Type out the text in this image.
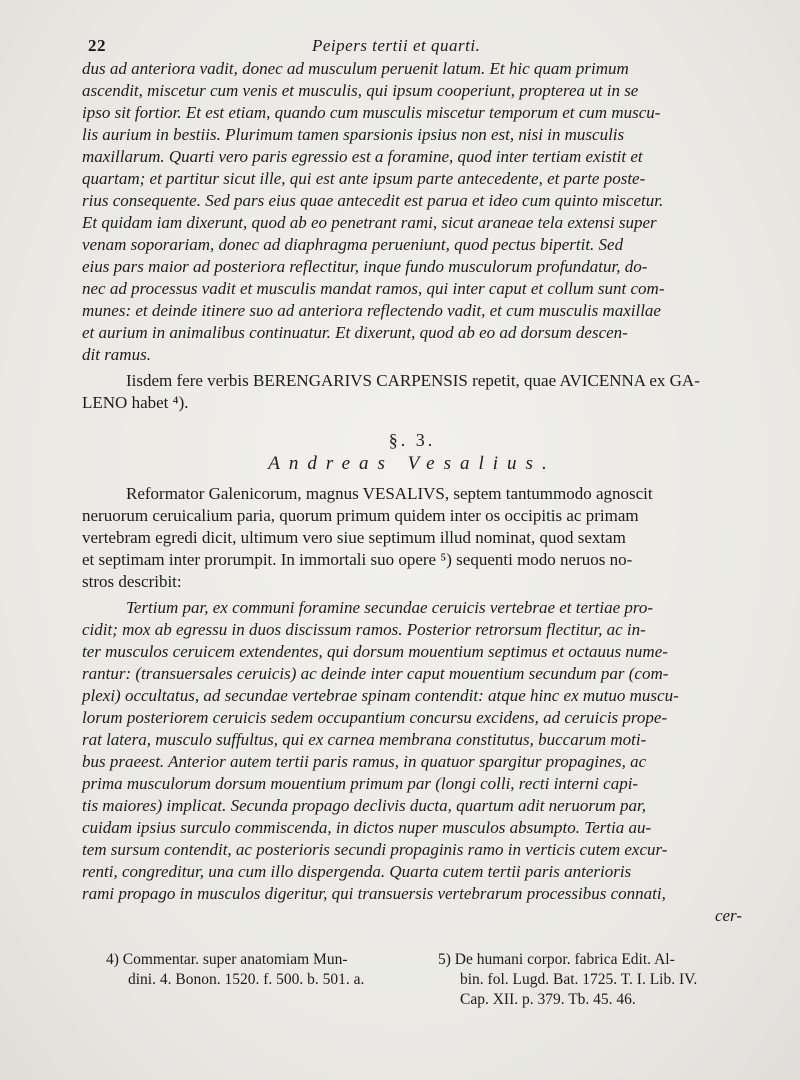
22	Peipers tertii et quarti.

dus ad anteriora vadit, donec ad musculum peruenit latum. Et hic quam primum
ascendit, miscetur cum venis et musculis, qui ipsum cooperiunt, propterea ut in se
ipso sit fortior. Et est etiam, quando cum musculis miscetur temporum et cum muscu-
lis aurium in bestiis. Plurimum tamen sparsionis ipsius non est, nisi in musculis
maxillarum. Quarti vero paris egressio est a foramine, quod inter tertiam existit et
quartam; et partitur sicut ille, qui est ante ipsum parte antecedente, et parte poste-
rius consequente. Sed pars eius quae antecedit est parua et ideo cum quinto miscetur.
Et quidam iam dixerunt, quod ab eo penetrant rami, sicut araneae tela extensi super
venam soporariam, donec ad diaphragma perueniunt, quod pectus bipertit. Sed
eius pars maior ad posteriora reflectitur, inque fundo musculorum profundatur, do-
nec ad processus vadit et musculis mandat ramos, qui inter caput et collum sunt com-
munes: et deinde itinere suo ad anteriora reflectendo vadit, et cum musculis maxillae
et aurium in animalibus continuatur. Et dixerunt, quod ab eo ad dorsum descen-
dit ramus.

Iisdem fere verbis BERENGARIVS CARPENSIS repetit, quae AVICENNA ex GA-
LENO habet ⁴).

§. 3.
Andreas Vesalius.

Reformator Galenicorum, magnus VESALIVS, septem tantummodo agnoscit
neruorum ceruicalium paria, quorum primum quidem inter os occipitis ac primam
vertebram egredi dicit, ultimum vero siue septimum illud nominat, quod sextam
et septimam inter prorumpit. In immortali suo opere ⁵) sequenti modo neruos no-
stros describit:

Tertium par, ex communi foramine secundae ceruicis vertebrae et tertiae pro-
cidit; mox ab egressu in duos discissum ramos. Posterior retrorsum flectitur, ac in-
ter musculos ceruicem extendentes, qui dorsum mouentium septimus et octauus nume-
rantur: (transuersales ceruicis) ac deinde inter caput mouentium secundum par (com-
plexi) occultatus, ad secundae vertebrae spinam contendit: atque hinc ex mutuo muscu-
lorum posteriorem ceruicis sedem occupantium concursu excidens, ad ceruicis prope-
rat latera, musculo suffultus, qui ex carnea membrana constitutus, buccarum moti-
bus praeest. Anterior autem tertii paris ramus, in quatuor spargitur propagines, ac
prima musculorum dorsum mouentium primum par (longi colli, recti interni capi-
tis maiores) implicat. Secunda propago declivis ducta, quartum adit neruorum par,
cuidam ipsius surculo commiscenda, in dictos nuper musculos absumpto. Tertia au-
tem sursum contendit, ac posterioris secundi propaginis ramo in verticis cutem excur-
renti, congreditur, una cum illo dispergenda. Quarta cutem tertii paris anterioris
rami propago in musculos digeritur, qui transuersis vertebrarum processibus connati,

cer-

4) Commentar. super anatomiam Mun-
dini. 4. Bonon. 1520. f. 500. b. 501. a.
5) De humani corpor. fabrica Edit. Al-
bin. fol. Lugd. Bat. 1725. T. I. Lib. IV.
Cap. XII. p. 379. Tb. 45. 46.
